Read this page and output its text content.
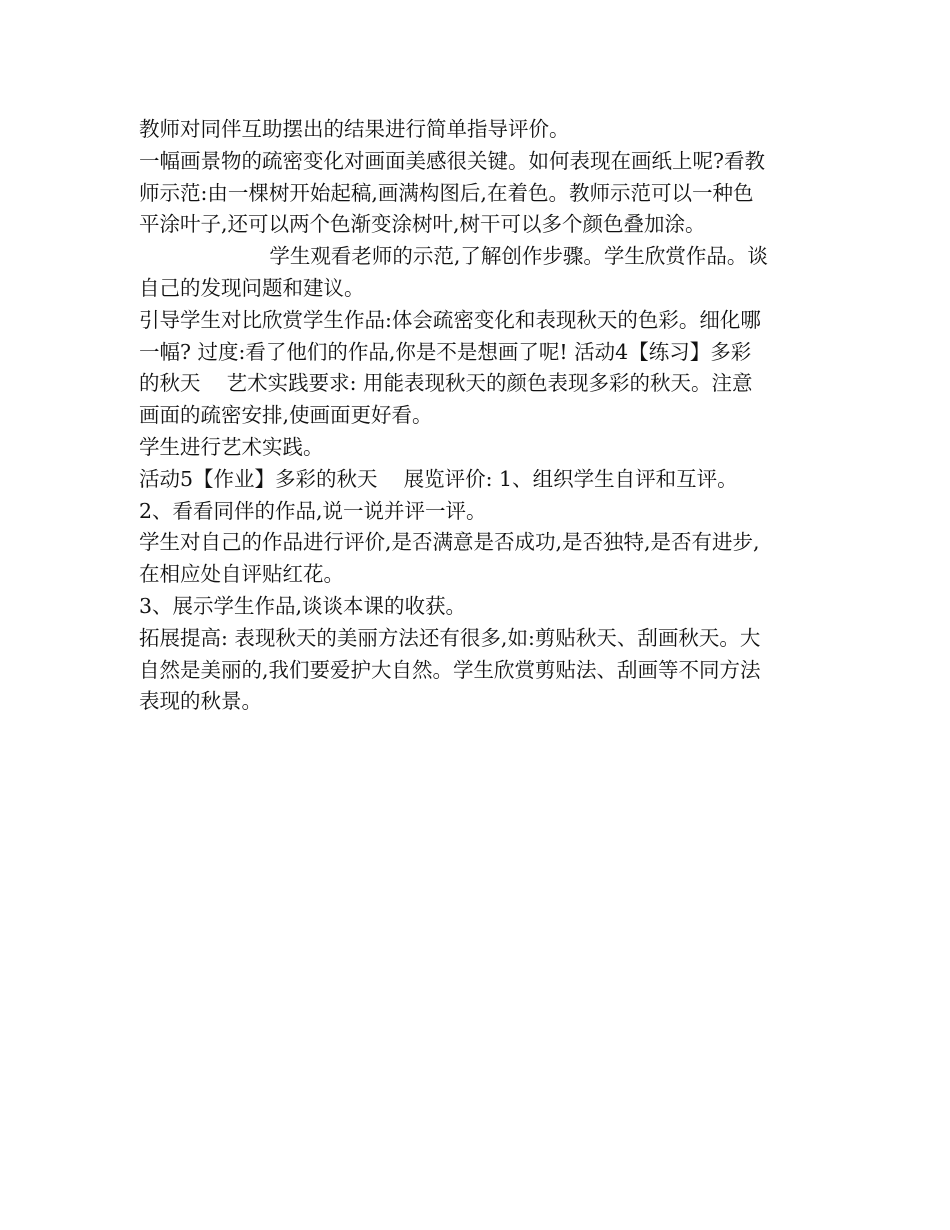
教师对同伴互助摆出的结果进行简单指导评价。
一幅画景物的疏密变化对画面美感很关键。如何表现在画纸上呢?看教
师示范:由一棵树开始起稿,画满构图后,在着色。教师示范可以一种色
平涂叶子,还可以两个色渐变涂树叶,树干可以多个颜色叠加涂。
学生观看老师的示范,了解创作步骤。学生欣赏作品。谈
自己的发现问题和建议。
引导学生对比欣赏学生作品:体会疏密变化和表现秋天的色彩。细化哪
一幅? 过度:看了他们的作品,你是不是想画了呢! 活动4【练习】多彩
的秋天    艺术实践要求: 用能表现秋天的颜色表现多彩的秋天。注意
画面的疏密安排,使画面更好看。
学生进行艺术实践。
活动5【作业】多彩的秋天    展览评价: 1、组织学生自评和互评。
2、看看同伴的作品,说一说并评一评。
学生对自己的作品进行评价,是否满意是否成功,是否独特,是否有进步,
在相应处自评贴红花。
3、展示学生作品,谈谈本课的收获。
拓展提高: 表现秋天的美丽方法还有很多,如:剪贴秋天、刮画秋天。大
自然是美丽的,我们要爱护大自然。学生欣赏剪贴法、刮画等不同方法
表现的秋景。
